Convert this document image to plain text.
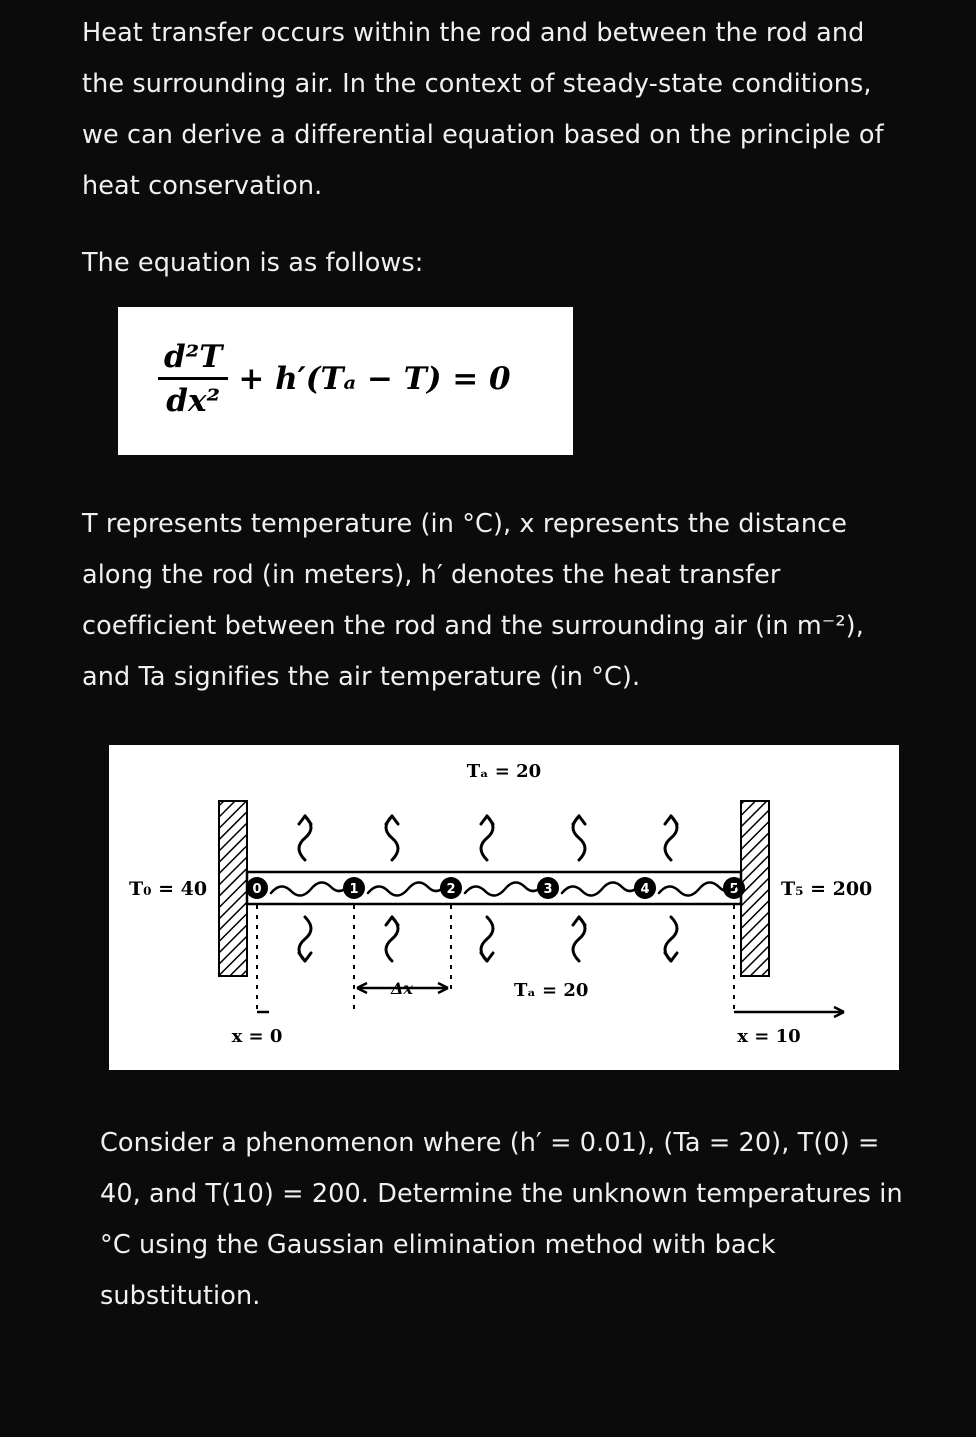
Heat transfer occurs within the rod and between the rod and the surrounding air. In the context of steady-state conditions, we can derive a differential equation based on the principle of heat conservation.

The equation is as follows:

$\frac{\text{d²T}}{\text{dx²}} + h'(T_a - T) = 0$

T represents temperature (in °C), x represents the distance along the rod (in meters), h′ denotes the heat transfer coefficient between the rod and the surrounding air (in m⁻²), and Ta signifies the air temperature (in °C).

0	1	2	3	4	5
Δx
Tₐ = 20
Tₐ = 20
T₀ = 40	T₅ = 200
x = 0	x = 10

Consider a phenomenon where (h′ = 0.01), (Ta = 20), T(0) = 40, and T(10) = 200. Determine the unknown temperatures in °C using the Gaussian elimination method with back substitution.
